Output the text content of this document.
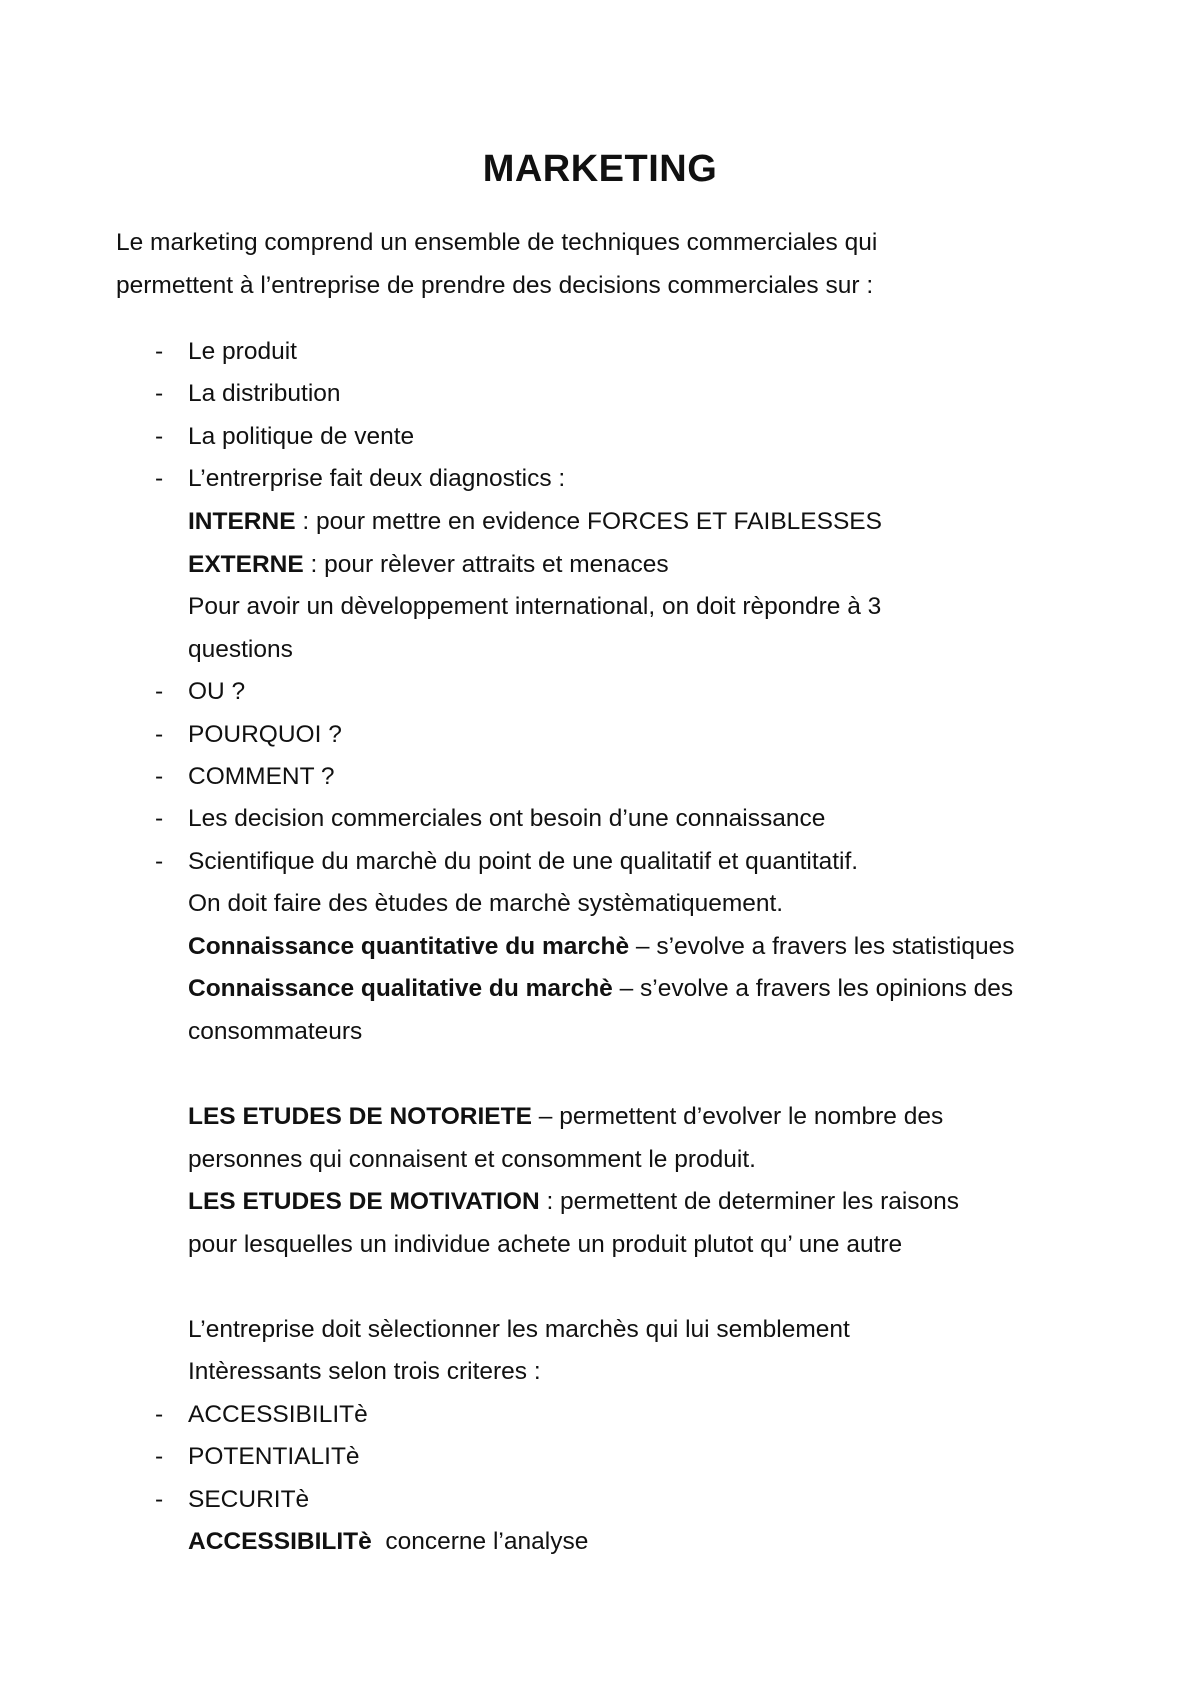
MARKETING
Le marketing comprend un ensemble de techniques commerciales qui
permettent à l’entreprise de prendre des decisions commerciales sur :
-
-
-
-
-
-
-
-
-
-
-
-
Le produit
La distribution
La politique de vente
L’entrerprise fait deux diagnostics :
INTERNE : pour mettre en evidence FORCES ET FAIBLESSES
EXTERNE : pour rèlever attraits et menaces
Pour avoir un dèveloppement international, on doit rèpondre à 3
questions
OU ?
POURQUOI ?
COMMENT ?
Les decision commerciales ont besoin d’une connaissance
Scientifique du marchè du point de une qualitatif et quantitatif.
On doit faire des ètudes de marchè systèmatiquement.
Connaissance quantitative du marchè – s’evolve a fravers les statistiques
Connaissance qualitative du marchè – s’evolve a fravers les opinions des
consommateurs
LES ETUDES DE NOTORIETE – permettent d’evolver le nombre des
personnes qui connaisent et consomment le produit.
LES ETUDES DE MOTIVATION : permettent de determiner les raisons
pour lesquelles un individue achete un produit plutot qu’ une autre
L’entreprise doit sèlectionner les marchès qui lui semblement
Intèressants selon trois criteres :
ACCESSIBILITè
POTENTIALITè
SECURITè
ACCESSIBILITè  concerne l’analyse
